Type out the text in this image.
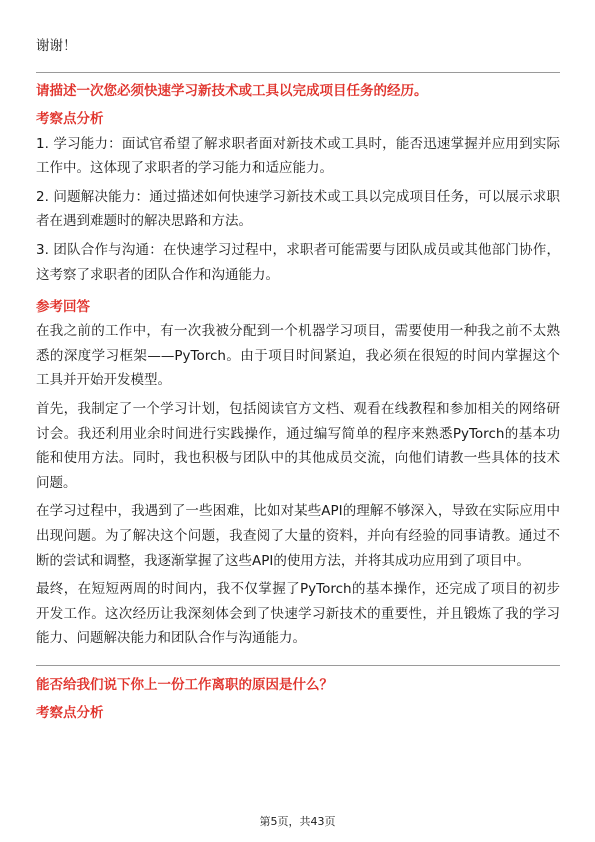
谢谢！

请描述一次您必须快速学习新技术或工具以完成项目任务的经历。

考察点分析

1. 学习能力：面试官希望了解求职者面对新技术或工具时，能否迅速掌握并应用到实际工作中。这体现了求职者的学习能力和适应能力。

2. 问题解决能力：通过描述如何快速学习新技术或工具以完成项目任务，可以展示求职者在遇到难题时的解决思路和方法。

3. 团队合作与沟通：在快速学习过程中，求职者可能需要与团队成员或其他部门协作，这考察了求职者的团队合作和沟通能力。

参考回答

在我之前的工作中，有一次我被分配到一个机器学习项目，需要使用一种我之前不太熟悉的深度学习框架——PyTorch。由于项目时间紧迫，我必须在很短的时间内掌握这个工具并开始开发模型。

首先，我制定了一个学习计划，包括阅读官方文档、观看在线教程和参加相关的网络研讨会。我还利用业余时间进行实践操作，通过编写简单的程序来熟悉PyTorch的基本功能和使用方法。同时，我也积极与团队中的其他成员交流，向他们请教一些具体的技术问题。

在学习过程中，我遇到了一些困难，比如对某些API的理解不够深入，导致在实际应用中出现问题。为了解决这个问题，我查阅了大量的资料，并向有经验的同事请教。通过不断的尝试和调整，我逐渐掌握了这些API的使用方法，并将其成功应用到了项目中。

最终，在短短两周的时间内，我不仅掌握了PyTorch的基本操作，还完成了项目的初步开发工作。这次经历让我深刻体会到了快速学习新技术的重要性，并且锻炼了我的学习能力、问题解决能力和团队合作与沟通能力。

能否给我们说下你上一份工作离职的原因是什么？

考察点分析

第5页，共43页
